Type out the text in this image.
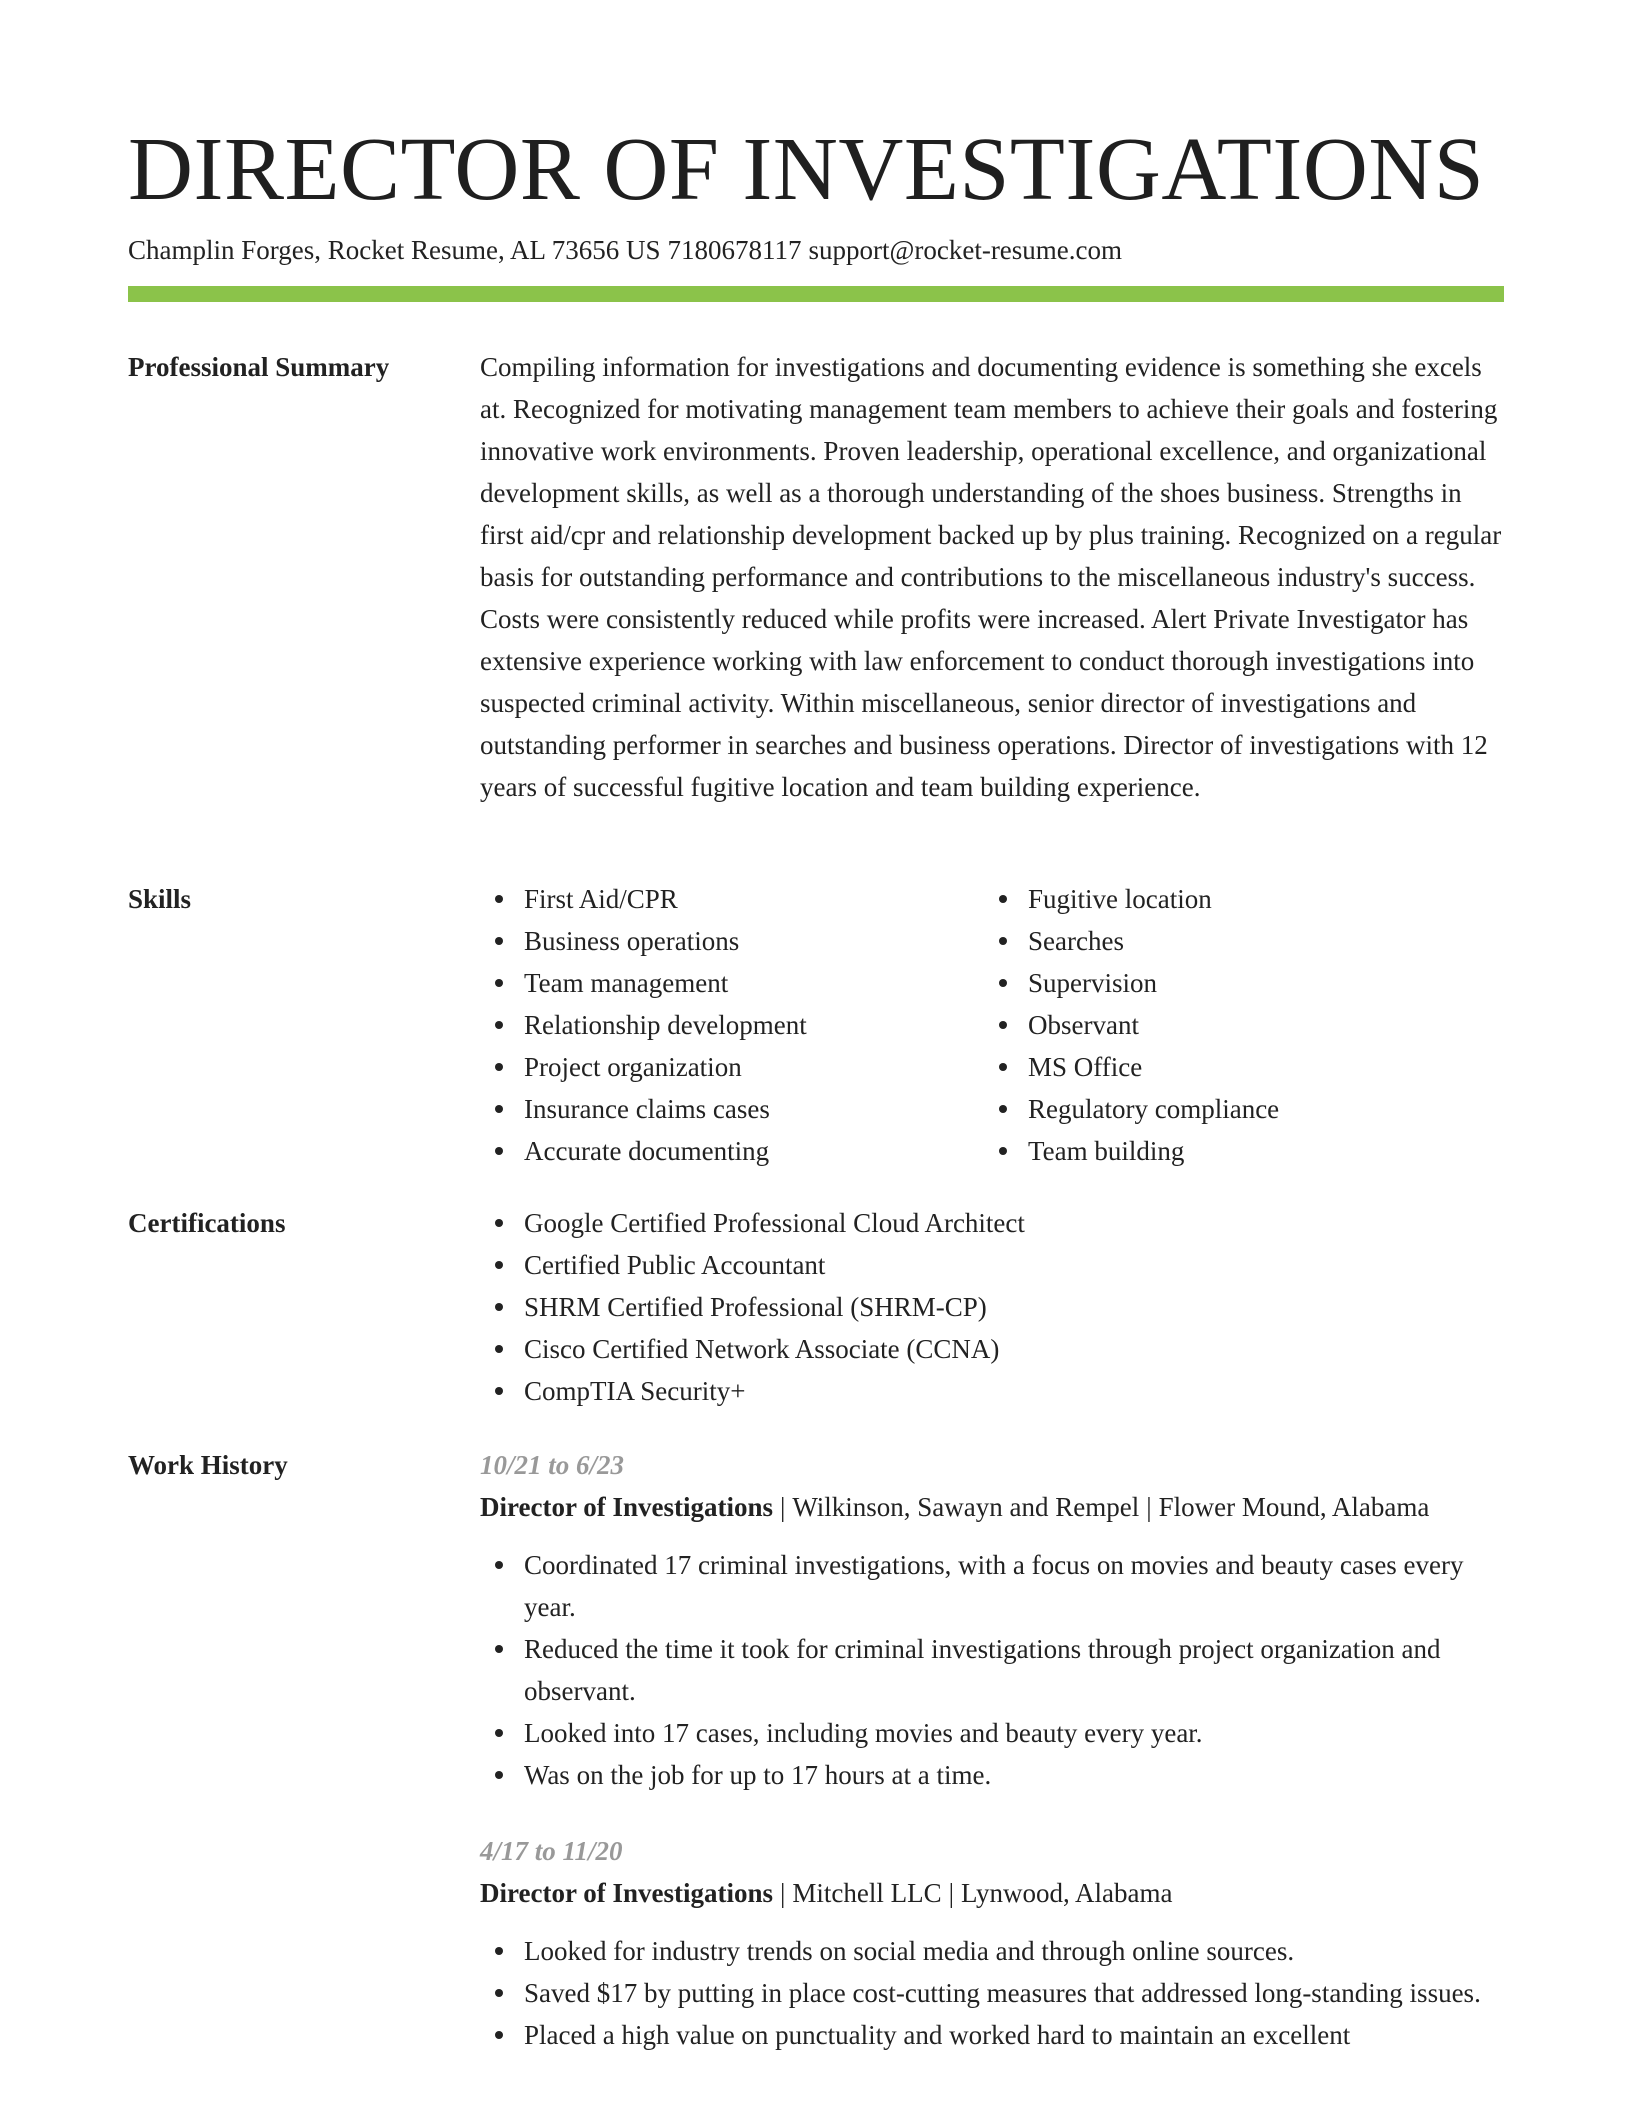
DIRECTOR OF INVESTIGATIONS
Champlin Forges, Rocket Resume, AL 73656 US 7180678117 support@rocket-resume.com
Professional Summary	Compiling information for investigations and documenting evidence is something she excels at. Recognized for motivating management team members to achieve their goals and fostering innovative work environments. Proven leadership, operational excellence, and organizational development skills, as well as a thorough understanding of the shoes business. Strengths in first aid/cpr and relationship development backed up by plus training. Recognized on a regular basis for outstanding performance and contributions to the miscellaneous industry's success. Costs were consistently reduced while profits were increased. Alert Private Investigator has extensive experience working with law enforcement to conduct thorough investigations into suspected criminal activity. Within miscellaneous, senior director of investigations and outstanding performer in searches and business operations. Director of investigations with 12 years of successful fugitive location and team building experience.

Skills	First Aid/CPR
Business operations
Team management
Relationship development
Project organization
Insurance claims cases
Accurate documenting
Fugitive location
Searches
Supervision
Observant
MS Office
Regulatory compliance
Team building
Certifications	Google Certified Professional Cloud Architect
Certified Public Accountant
SHRM Certified Professional (SHRM-CP)
Cisco Certified Network Associate (CCNA)
CompTIA Security+
Work History	10/21 to 6/23
Director of Investigations | Wilkinson, Sawayn and Rempel | Flower Mound, Alabama
Coordinated 17 criminal investigations, with a focus on movies and beauty cases every year.
Reduced the time it took for criminal investigations through project organization and observant.
Looked into 17 cases, including movies and beauty every year.
Was on the job for up to 17 hours at a time.
4/17 to 11/20
Director of Investigations | Mitchell LLC | Lynwood, Alabama
Looked for industry trends on social media and through online sources.
Saved $17 by putting in place cost-cutting measures that addressed long-standing issues.
Placed a high value on punctuality and worked hard to maintain an excellent
